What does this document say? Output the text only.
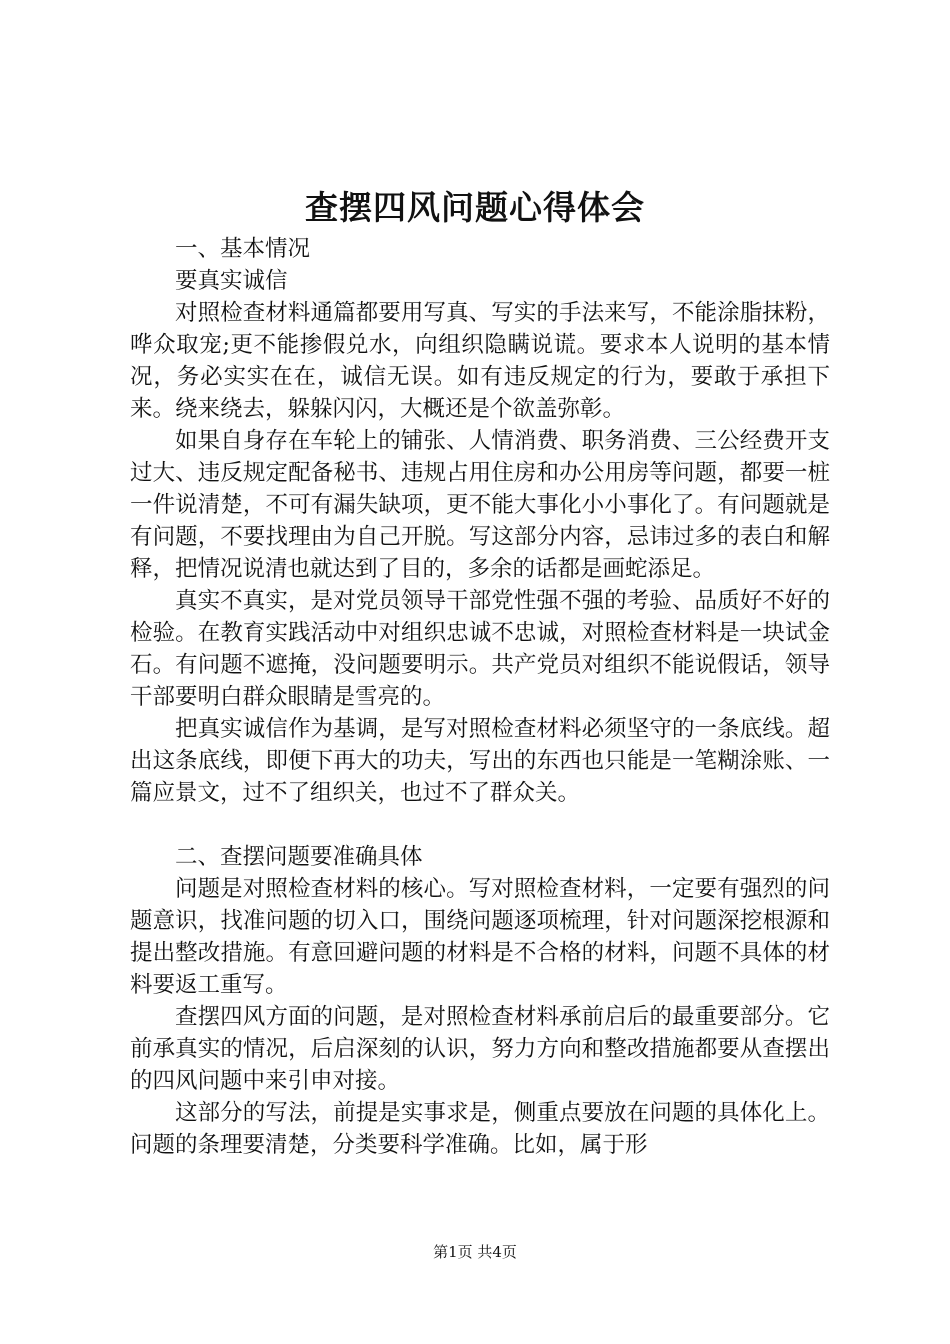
查摆四风问题心得体会

一、基本情况

要真实诚信

对照检查材料通篇都要用写真、写实的手法来写，不能涂脂抹粉，哗众取宠;更不能掺假兑水，向组织隐瞒说谎。要求本人说明的基本情况，务必实实在在，诚信无误。如有违反规定的行为，要敢于承担下来。绕来绕去，躲躲闪闪，大概还是个欲盖弥彰。

如果自身存在车轮上的铺张、人情消费、职务消费、三公经费开支过大、违反规定配备秘书、违规占用住房和办公用房等问题，都要一桩一件说清楚，不可有漏失缺项，更不能大事化小小事化了。有问题就是有问题，不要找理由为自己开脱。写这部分内容，忌讳过多的表白和解释，把情况说清也就达到了目的，多余的话都是画蛇添足。

真实不真实，是对党员领导干部党性强不强的考验、品质好不好的检验。在教育实践活动中对组织忠诚不忠诚，对照检查材料是一块试金石。有问题不遮掩，没问题要明示。共产党员对组织不能说假话，领导干部要明白群众眼睛是雪亮的。

把真实诚信作为基调，是写对照检查材料必须坚守的一条底线。超出这条底线，即便下再大的功夫，写出的东西也只能是一笔糊涂账、一篇应景文，过不了组织关，也过不了群众关。

二、查摆问题要准确具体

问题是对照检查材料的核心。写对照检查材料，一定要有强烈的问题意识，找准问题的切入口，围绕问题逐项梳理，针对问题深挖根源和提出整改措施。有意回避问题的材料是不合格的材料，问题不具体的材料要返工重写。

查摆四风方面的问题，是对照检查材料承前启后的最重要部分。它前承真实的情况，后启深刻的认识，努力方向和整改措施都要从查摆出的四风问题中来引申对接。

这部分的写法，前提是实事求是，侧重点要放在问题的具体化上。问题的条理要清楚，分类要科学准确。比如，属于形

第1页 共4页
